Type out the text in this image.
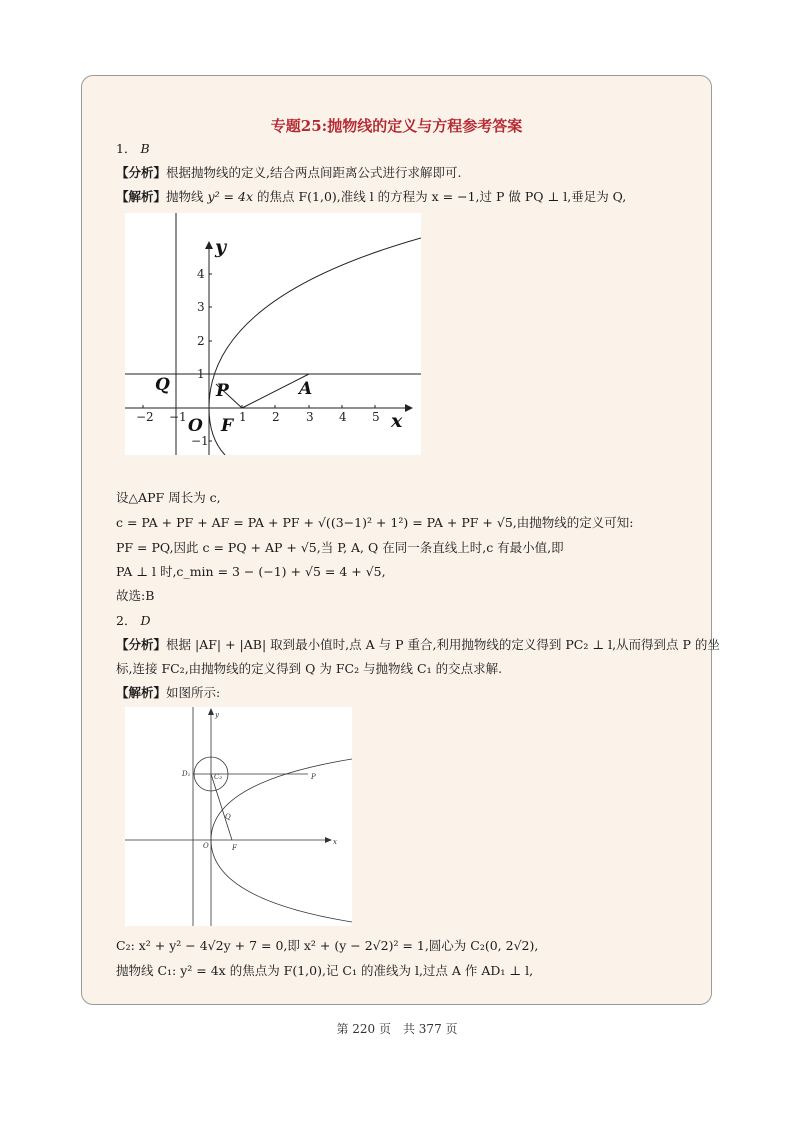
专题25:抛物线的定义与方程参考答案
1． B
【分析】根据抛物线的定义,结合两点间距离公式进行求解即可.
【解析】抛物线 y² = 4x 的焦点 F(1,0),准线 l 的方程为 x = −1,过 P 做 PQ ⊥ l,垂足为 Q,
−2 −1	1 2 3 4 5
4
3
2
1
−1
y
x
Q	P	A
O F
设△APF 周长为 c,
c = PA + PF + AF = PA + PF + √((3−1)² + 1²) = PA + PF + √5,由抛物线的定义可知:
PF = PQ,因此 c = PQ + AP + √5,当 P, A, Q 在同一条直线上时,c 有最小值,即
PA ⊥ l 时,c_min = 3 − (−1) + √5 = 4 + √5,
故选:B
2． D
【分析】根据 |AF| + |AB| 取到最小值时,点 A 与 P 重合,利用抛物线的定义得到 PC₂ ⊥ l,从而得到点 P 的坐
标,连接 FC₂,由抛物线的定义得到 Q 为 FC₂ 与抛物线 C₁ 的交点求解.
【解析】如图所示:
y
x
D₁	C₂	P
Q
O	F
C₂: x² + y² − 4√2y + 7 = 0,即 x² + (y − 2√2)² = 1,圆心为 C₂(0, 2√2),
抛物线 C₁: y² = 4x 的焦点为 F(1,0),记 C₁ 的准线为 l,过点 A 作 AD₁ ⊥ l,
第 220 页　共 377 页
